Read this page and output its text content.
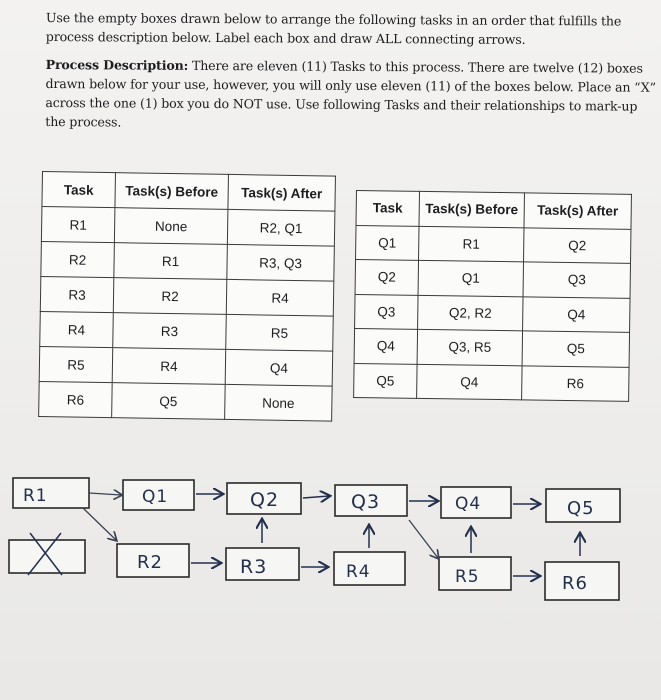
Use the empty boxes drawn below to arrange the following tasks in an order that fulfills the process description below. Label each box and draw ALL connecting arrows.

Process Description: There are eleven (11) Tasks to this process. There are twelve (12) boxes drawn below for your use, however, you will only use eleven (11) of the boxes below. Place an “X” across the one (1) box you do NOT use. Use following Tasks and their relationships to mark-up the process.

Task	Task(s) Before	Task(s) After
R1	None	R2, Q1
R2	R1	R3, Q3
R3	R2	R4
R4	R3	R5
R5	R4	Q4
R6	Q5	None
Task	Task(s) Before	Task(s) After
Q1	R1	Q2
Q2	Q1	Q3
Q3	Q2, R2	Q4
Q4	Q3, R5	Q5
Q5	Q4	R6
R1	Q1	Q2	Q3	Q4	Q5
R2	R3	R4	R5	R6
